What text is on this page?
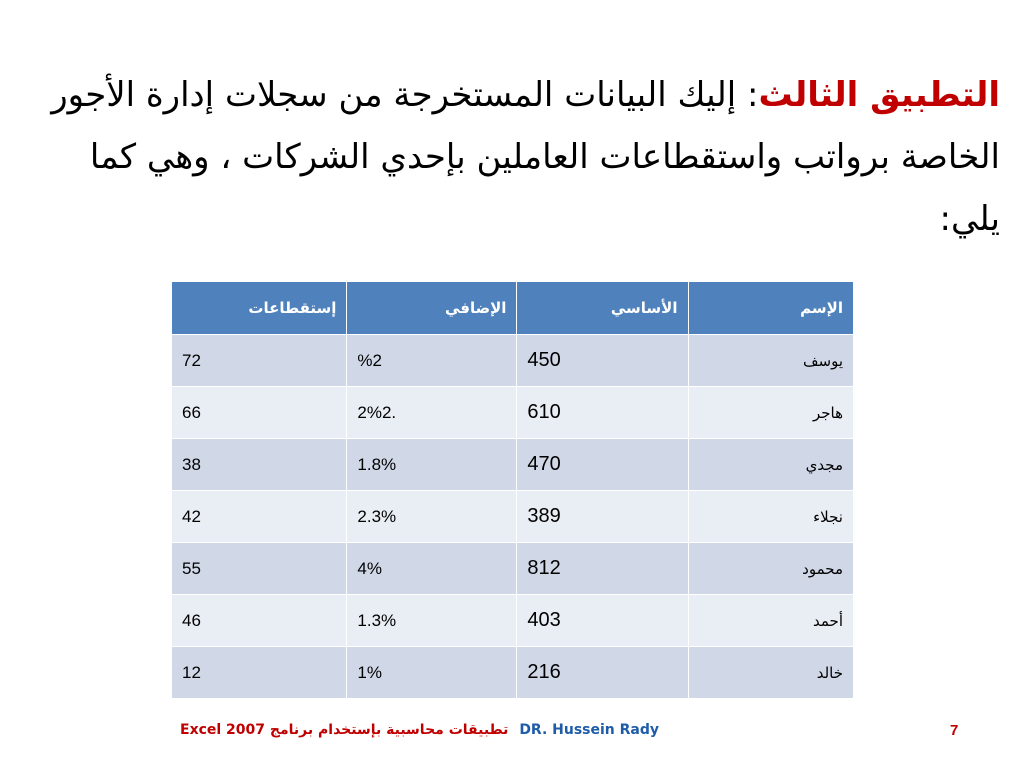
التطبيق الثالث: إليك البيانات المستخرجة من سجلات إدارة الأجور الخاصة برواتب واستقطاعات العاملين بإحدي الشركات ، وهي كما يلي:
الإسم	الأساسي	الإضافي	إستقطاعات
يوسف	450	%2	72
هاجر	610	.2%2	66
مجدي	470	1.8%	38
نجلاء	389	2.3%	42
محمود	812	4%	55
أحمد	403	1.3%	46
خالد	216	1%	12
تطبيقات محاسبية بإستخدام برنامج Excel 2007 DR. Hussein Rady	7
